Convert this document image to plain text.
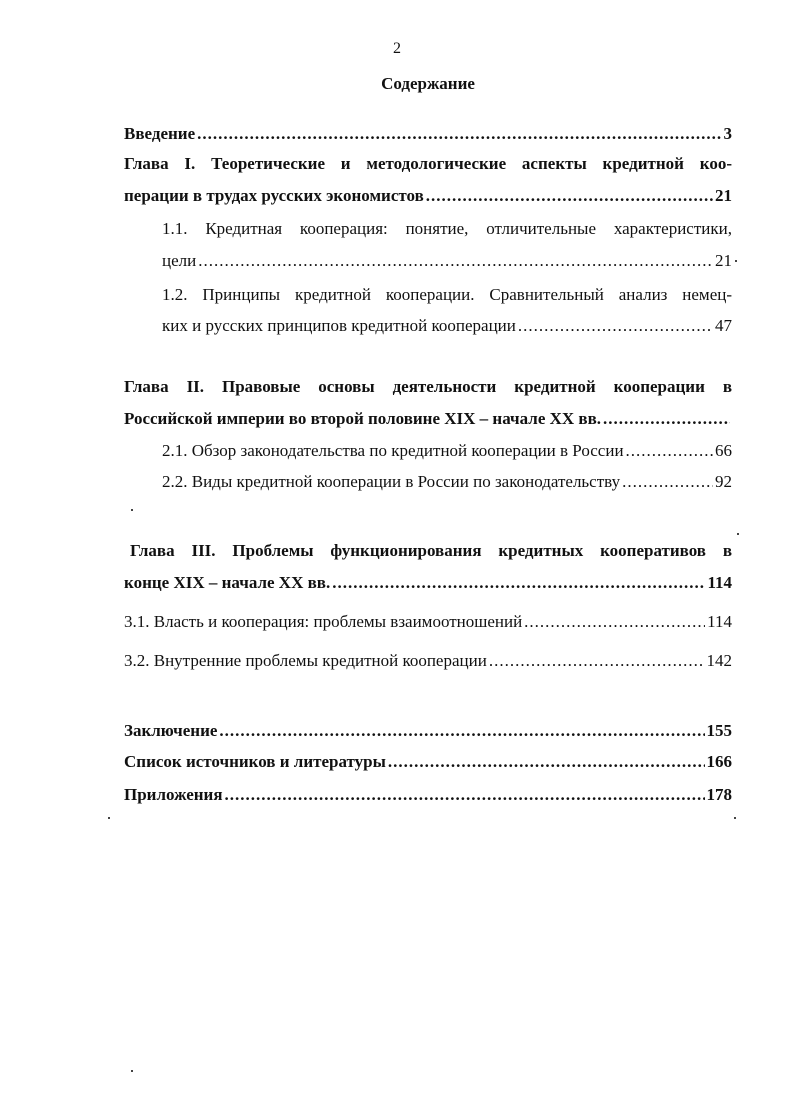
2
Содержание
Введение .....	3
Глава I. Теоретические и методологические аспекты кредитной коо-
перации в трудах русских экономистов .....	21
1.1. Кредитная кооперация: понятие, отличительные характеристики,
цели .....	21
1.2. Принципы кредитной кооперации. Сравнительный анализ немец-
ких и русских принципов кредитной кооперации .....	47
Глава II. Правовые основы деятельности кредитной кооперации в
Российской империи во второй половине XIX – начале XX вв.
.....
2.1. Обзор законодательства по кредитной кооперации в России .....	66
2.2. Виды кредитной кооперации в России по законодательству .....	92
Глава III. Проблемы функционирования кредитных кооперативов в
конце XIX – начале XX вв. .....	114
3.1. Власть и кооперация: проблемы взаимоотношений .....	114
3.2. Внутренние проблемы кредитной кооперации .....	142
Заключение .....	155
Список источников и литературы .....	166
Приложения .....	178
